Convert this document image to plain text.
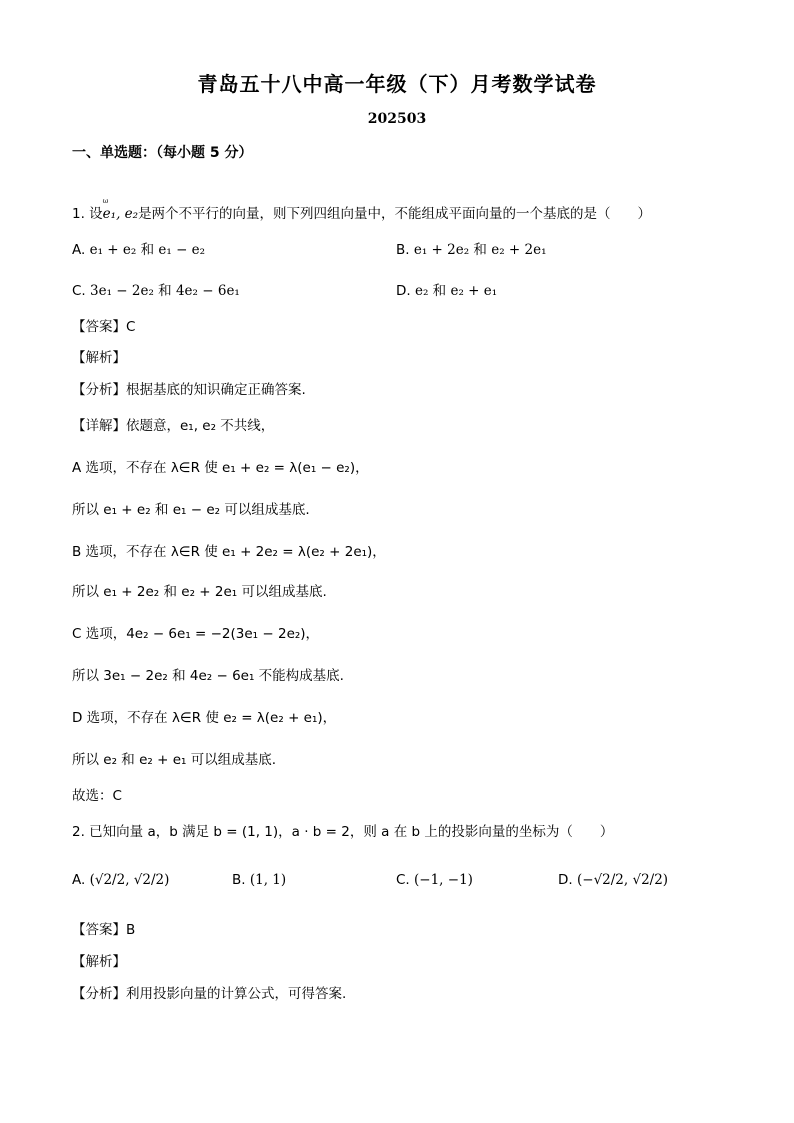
青岛五十八中高一年级（下）月考数学试卷
202503
一、单选题：（每小题 5 分）
1. 设ω e₁, e₂是两个不平行的向量，则下列四组向量中，不能组成平面向量的一个基底的是（　　）
A. e₁ + e₂ 和 e₁ − e₂	B. e₁ + 2e₂ 和 e₂ + 2e₁
C. 3e₁ − 2e₂ 和 4e₂ − 6e₁	D. e₂ 和 e₂ + e₁
【答案】C
【解析】
【分析】根据基底的知识确定正确答案.
【详解】依题意，e₁, e₂ 不共线，
A 选项，不存在 λ∈R 使 e₁ + e₂ = λ(e₁ − e₂)，
所以 e₁ + e₂ 和 e₁ − e₂ 可以组成基底.
B 选项，不存在 λ∈R 使 e₁ + 2e₂ = λ(e₂ + 2e₁)，
所以 e₁ + 2e₂ 和 e₂ + 2e₁ 可以组成基底.
C 选项，4e₂ − 6e₁ = −2(3e₁ − 2e₂)，
所以 3e₁ − 2e₂ 和 4e₂ − 6e₁ 不能构成基底.
D 选项，不存在 λ∈R 使 e₂ = λ(e₂ + e₁)，
所以 e₂ 和 e₂ + e₁ 可以组成基底.
故选：C
2. 已知向量 a，b 满足 b = (1, 1)，a · b = 2，则 a 在 b 上的投影向量的坐标为（　　）
A. (√2/2, √2/2)	B. (1, 1)	C. (−1, −1)	D. (−√2/2, √2/2)
【答案】B
【解析】
【分析】利用投影向量的计算公式，可得答案.
